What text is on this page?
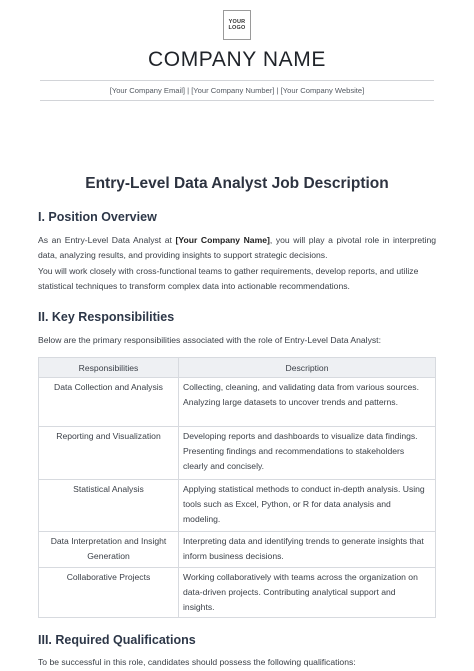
YOUR
LOGO
COMPANY NAME
[Your Company Email] | [Your Company Number] | [Your Company Website]
Entry-Level Data Analyst Job Description
I. Position Overview
As an Entry-Level Data Analyst at [Your Company Name], you will play a pivotal role in interpreting data, analyzing results, and providing insights to support strategic decisions.
You will work closely with cross-functional teams to gather requirements, develop reports, and utilize statistical techniques to transform complex data into actionable recommendations.
II. Key Responsibilities
Below are the primary responsibilities associated with the role of Entry-Level Data Analyst:
Responsibilities	Description
Data Collection and Analysis	Collecting, cleaning, and validating data from various sources. Analyzing large datasets to uncover trends and patterns.
Reporting and Visualization	Developing reports and dashboards to visualize data findings. Presenting findings and recommendations to stakeholders clearly and concisely.
Statistical Analysis	Applying statistical methods to conduct in-depth analysis. Using tools such as Excel, Python, or R for data analysis and modeling.
Data Interpretation and Insight Generation	Interpreting data and identifying trends to generate insights that inform business decisions.
Collaborative Projects	Working collaboratively with teams across the organization on data-driven projects. Contributing analytical support and insights.
III. Required Qualifications
To be successful in this role, candidates should possess the following qualifications:
